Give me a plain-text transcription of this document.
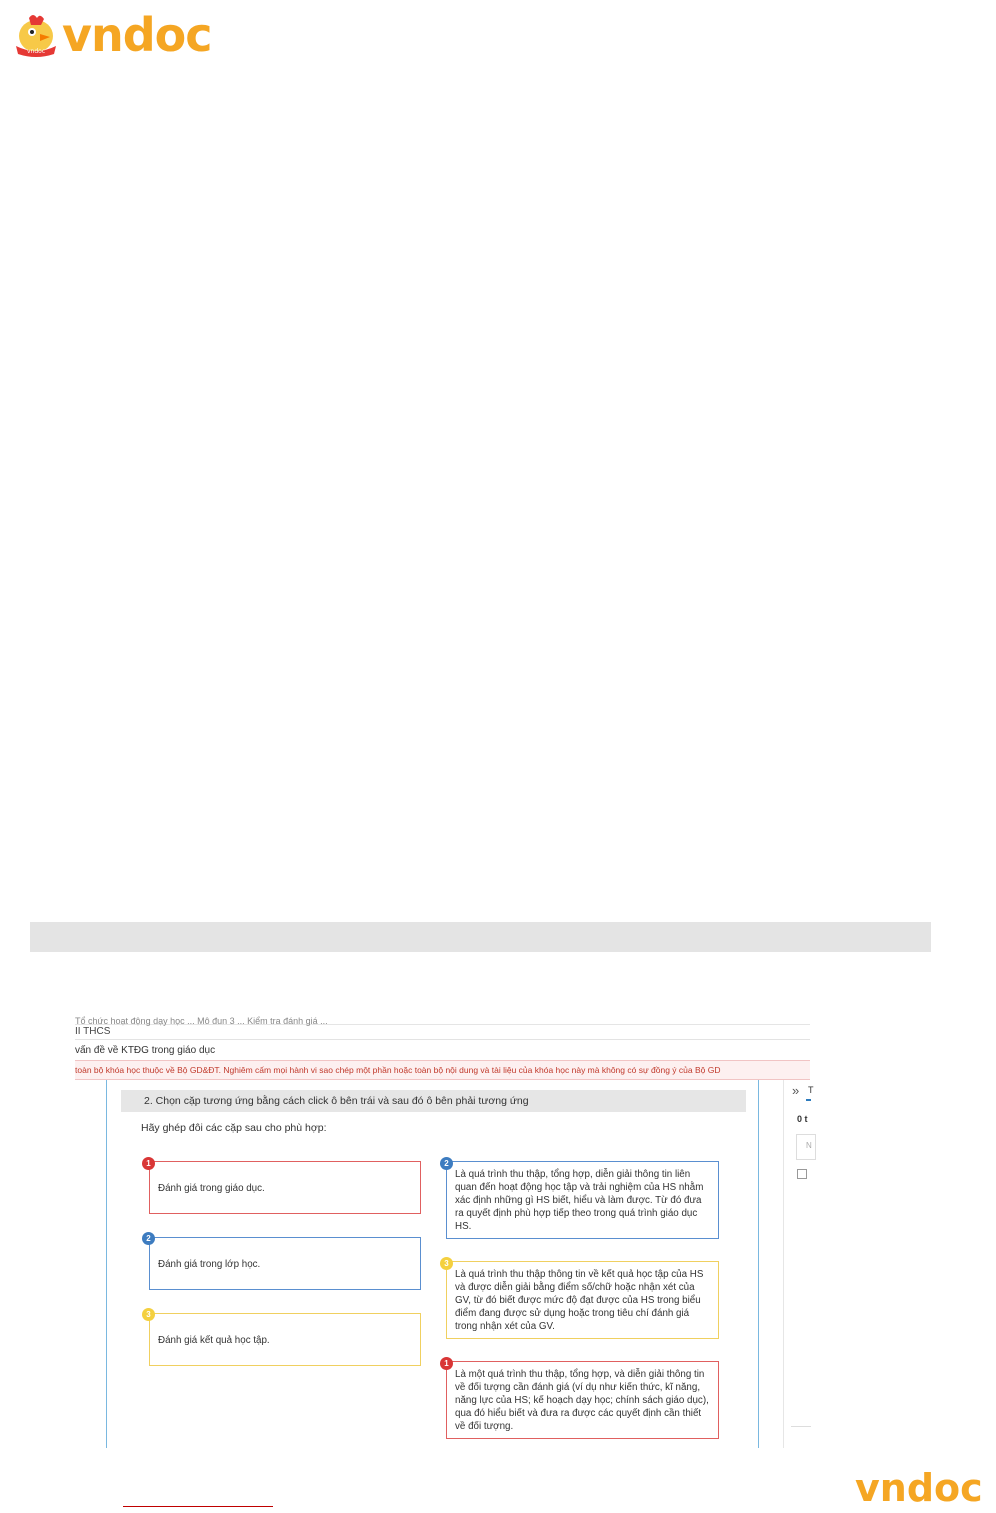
vndoc vndoc
Tổ chức hoạt động dạy học ... Mô đun 3 ... Kiểm tra đánh giá ...
II THCS
vấn đề về KTĐG trong giáo dục
toàn bộ khóa học thuộc về Bộ GD&ĐT. Nghiêm cấm mọi hành vi sao chép một phần hoặc toàn bộ nội dung và tài liệu của khóa học này mà không có sự đồng ý của Bộ GD
2. Chọn cặp tương ứng bằng cách click ô bên trái và sau đó ô bên phải tương ứng
Hãy ghép đôi các cặp sau cho phù hợp:
Đánh giá trong giáo dục.
1
Đánh giá trong lớp học.
2
Đánh giá kết quả học tập.
3
Là quá trình thu thập, tổng hợp, diễn giải thông tin liên quan đến hoạt động học tập và trải nghiệm của HS nhằm xác định những gì HS biết, hiểu và làm được. Từ đó đưa ra quyết định phù hợp tiếp theo trong quá trình giáo dục HS.
2
Là quá trình thu thập thông tin về kết quả học tập của HS và được diễn giải bằng điểm số/chữ hoặc nhận xét của GV, từ đó biết được mức độ đạt được của HS trong biểu điểm đang được sử dụng hoặc trong tiêu chí đánh giá trong nhận xét của GV.
3
Là một quá trình thu thập, tổng hợp, và diễn giải thông tin về đối tượng cần đánh giá (ví dụ như kiến thức, kĩ năng, năng lực của HS; kế hoạch dạy học; chính sách giáo dục), qua đó hiểu biết và đưa ra được các quyết định cần thiết về đối tượng.
1
» T
0 t
N
vndoc
